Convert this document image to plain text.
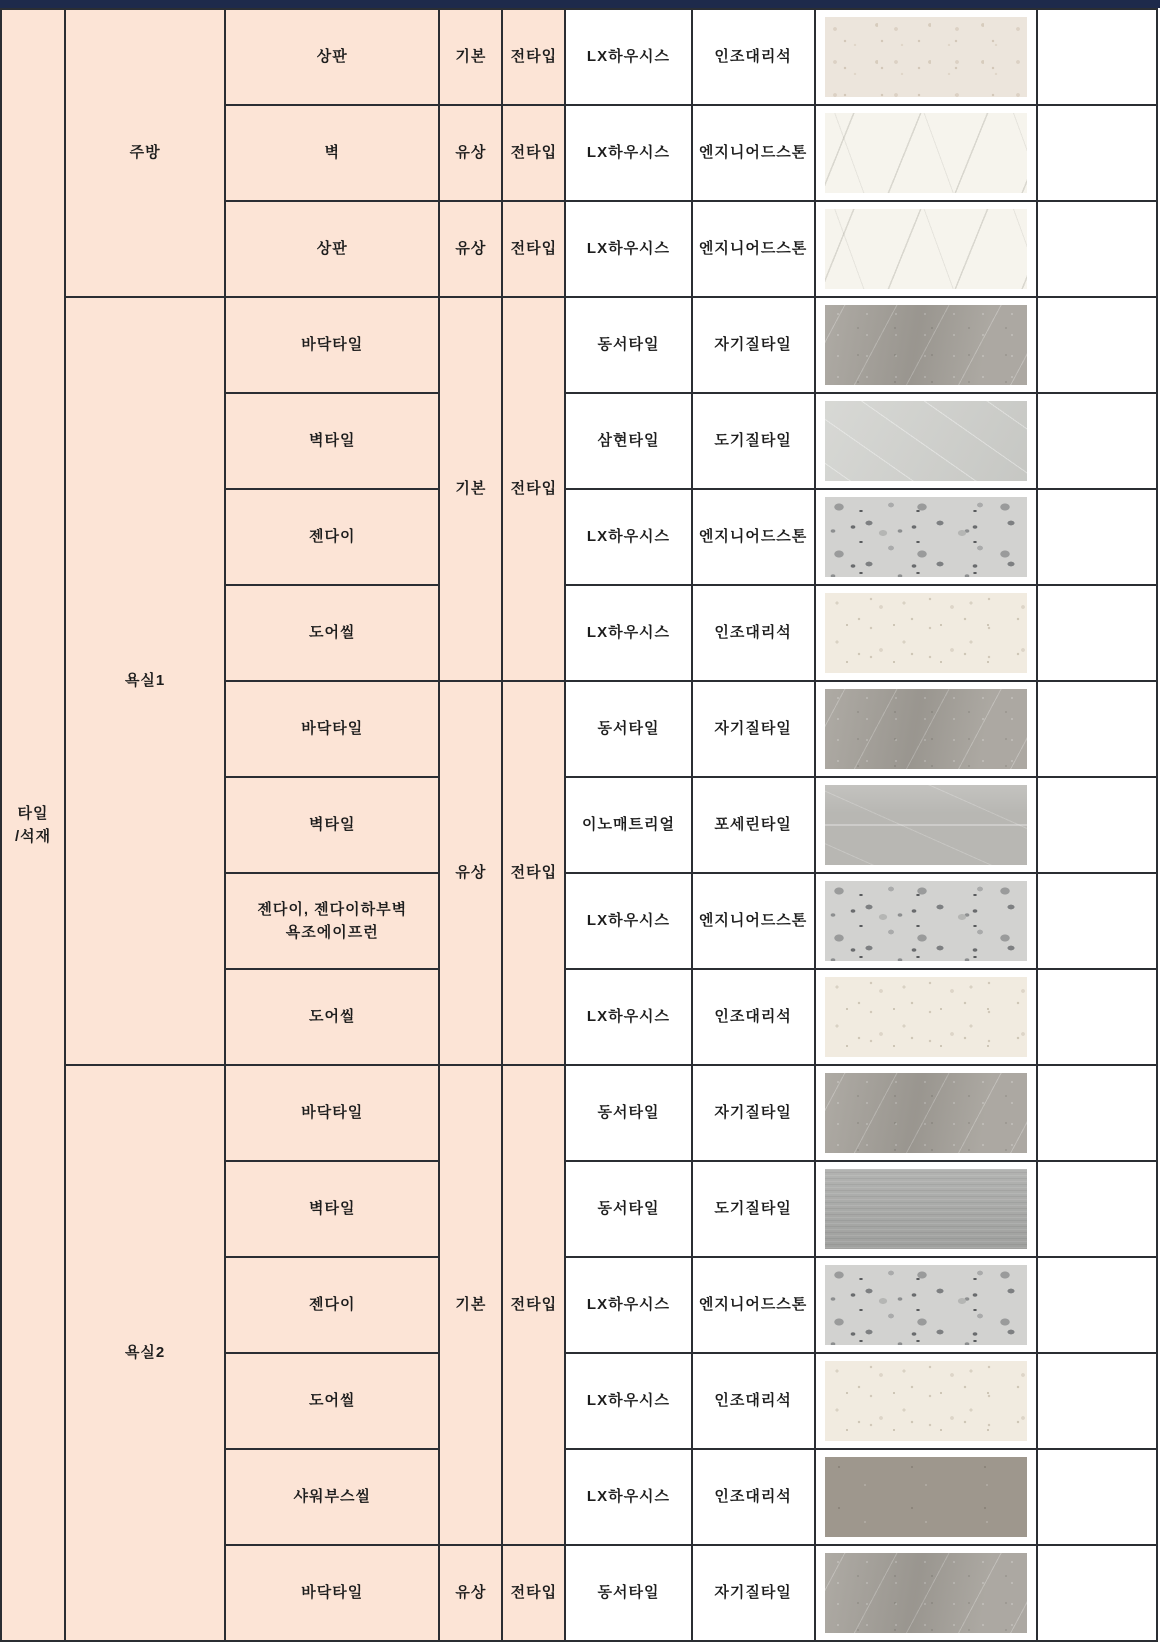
타일
/석재	주방	상판	기본	전타입	LX하우시스	인조대리석	

		벽	유상	전타입	LX하우시스	엔지니어드스톤	

		상판	유상	전타입	LX하우시스	엔지니어드스톤	

	욕실1	바닥타일	기본	전타입	동서타일	자기질타일	

		벽타일			삼현타일	도기질타일	

		젠다이			LX하우시스	엔지니어드스톤	

		도어씰			LX하우시스	인조대리석	

		바닥타일	유상	전타입	동서타일	자기질타일	

		벽타일			이노매트리얼	포세린타일	

		젠다이, 젠다이하부벽
욕조에이프런			LX하우시스	엔지니어드스톤	

		도어씰			LX하우시스	인조대리석	

	욕실2	바닥타일	기본	전타입	동서타일	자기질타일	

		벽타일			동서타일	도기질타일	

		젠다이			LX하우시스	엔지니어드스톤	

		도어씰			LX하우시스	인조대리석	

		샤워부스씰			LX하우시스	인조대리석	

		바닥타일	유상	전타입	동서타일	자기질타일	
